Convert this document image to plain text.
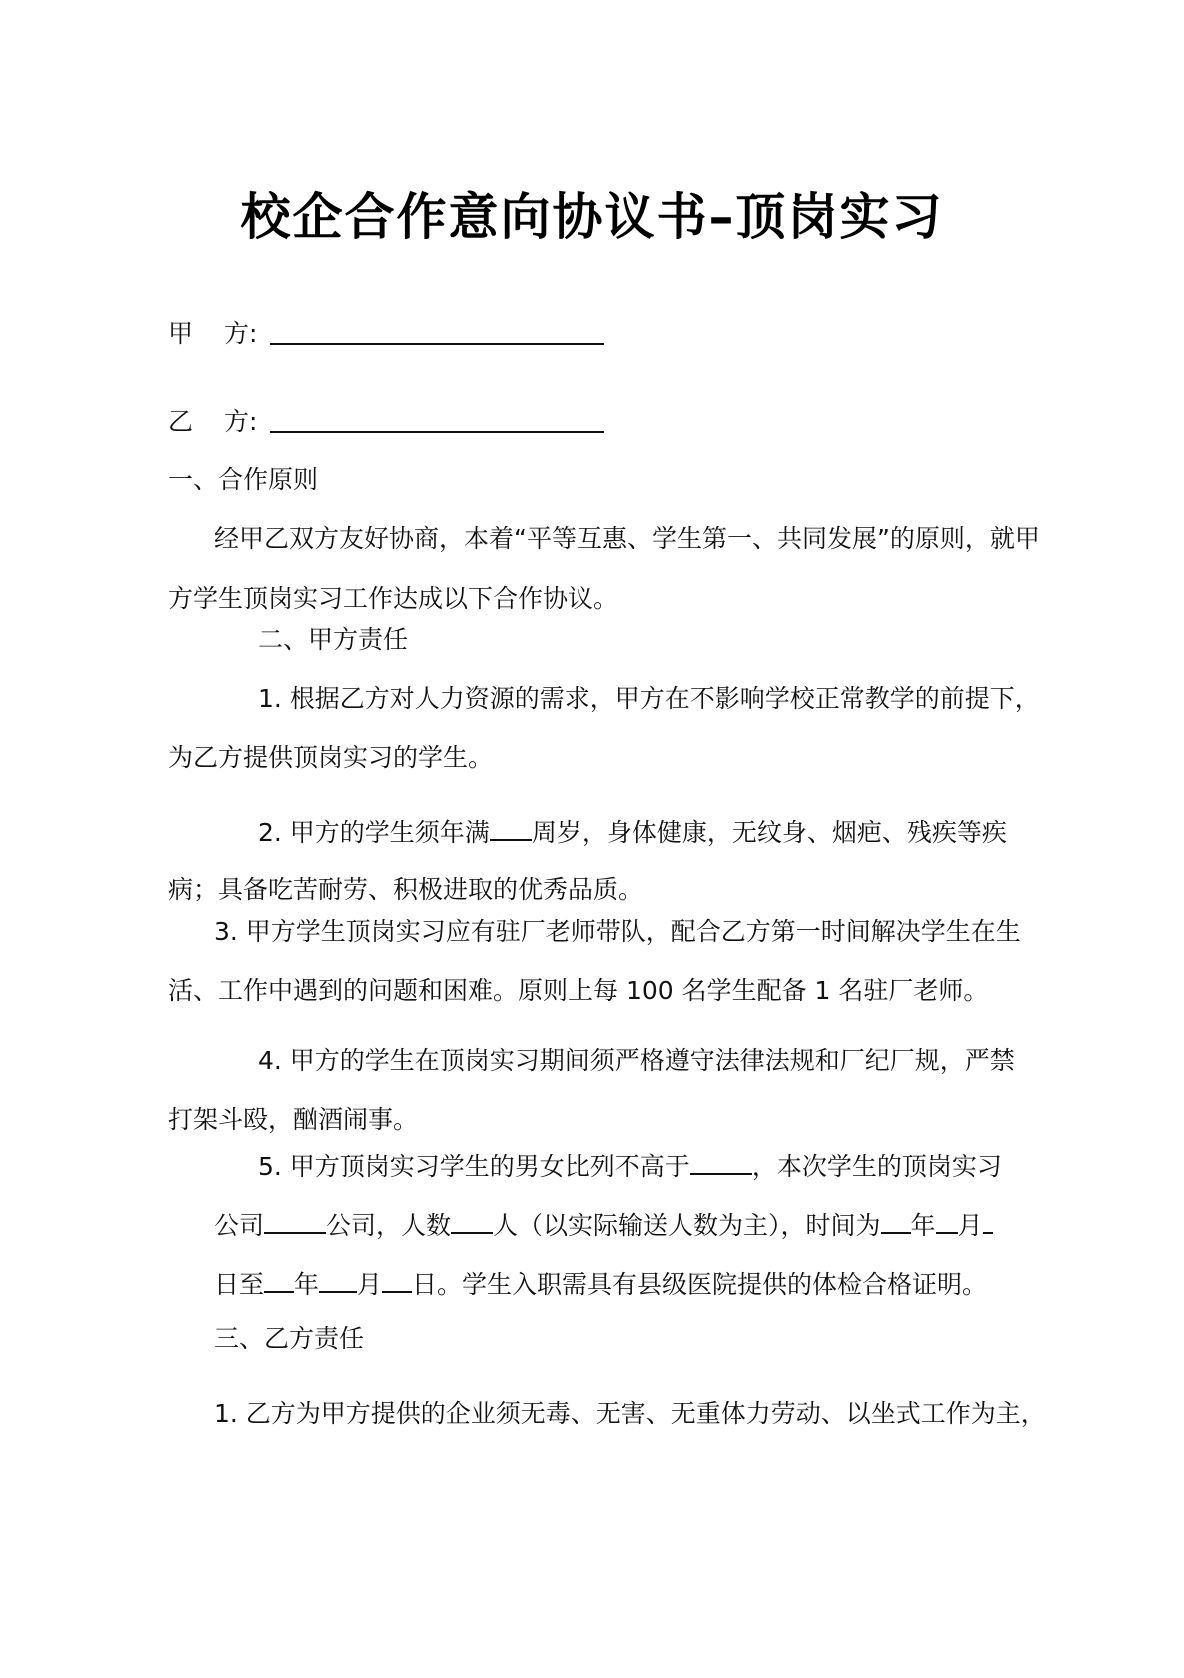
校企合作意向协议书–顶岗实习
甲 方:
乙 方:
一、合作原则
经甲乙双方友好协商，本着“平等互惠、学生第一、共同发展”的原则，就甲
方学生顶岗实习工作达成以下合作协议。
二、甲方责任
1. 根据乙方对人力资源的需求，甲方在不影响学校正常教学的前提下，
为乙方提供顶岗实习的学生。
2. 甲方的学生须年满 周岁，身体健康，无纹身、烟疤、残疾等疾
病；具备吃苦耐劳、积极进取的优秀品质。
3. 甲方学生顶岗实习应有驻厂老师带队，配合乙方第一时间解决学生在生
活、工作中遇到的问题和困难。原则上每 100 名学生配备 1 名驻厂老师。
4. 甲方的学生在顶岗实习期间须严格遵守法律法规和厂纪厂规，严禁
打架斗殴，酗酒闹事。
5. 甲方顶岗实习学生的男女比列不高于 ，本次学生的顶岗实习
公司 公司，人数 人（以实际输送人数为主），时间为 年 月
日至 年 月 日。学生入职需具有县级医院提供的体检合格证明。
三、乙方责任
1. 乙方为甲方提供的企业须无毒、无害、无重体力劳动、以坐式工作为主，
